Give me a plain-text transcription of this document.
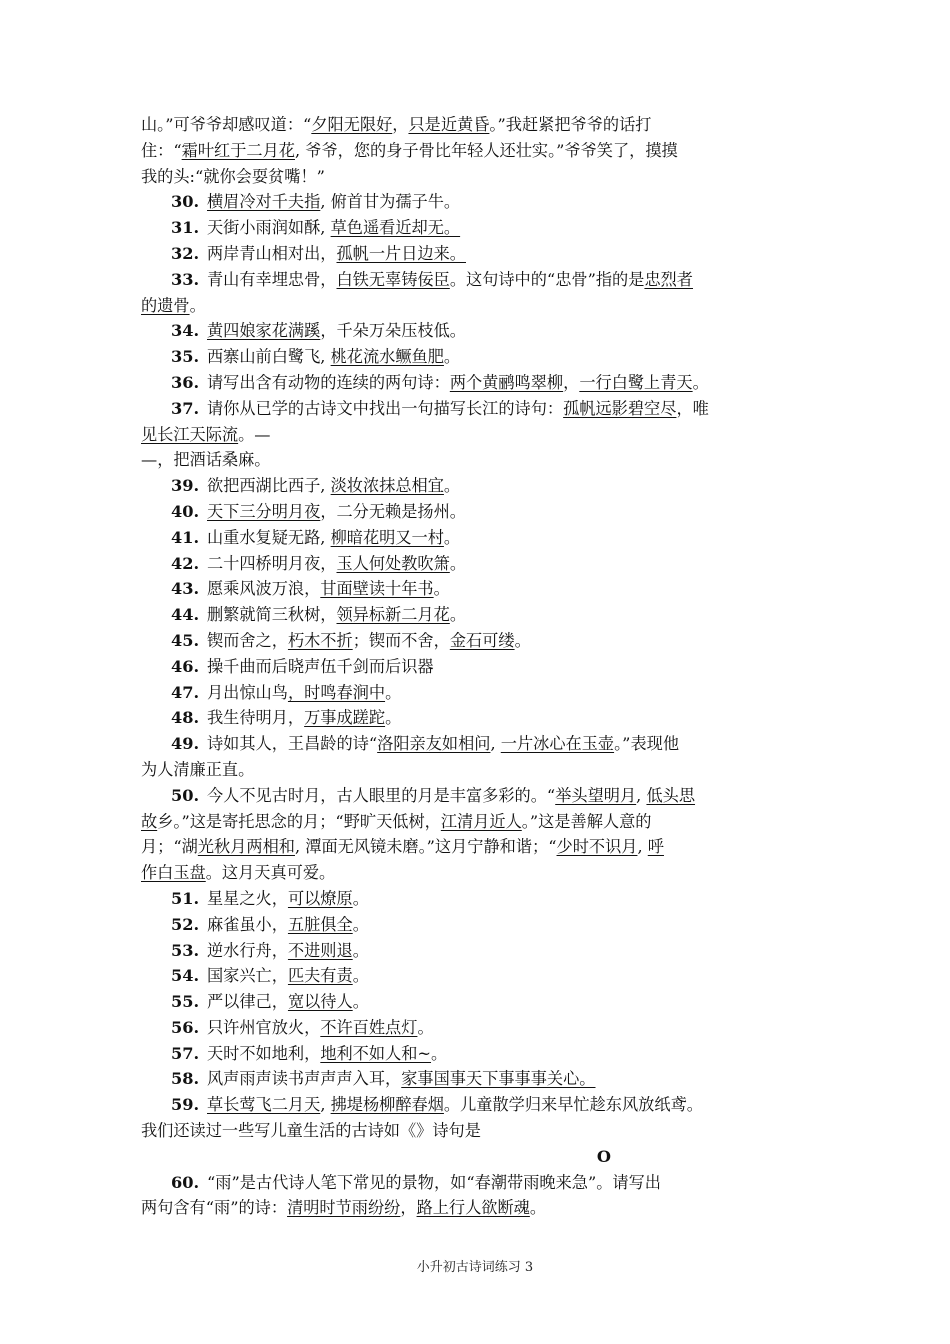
山。”可爷爷却感叹道：“夕阳无限好，只是近黄昏。”我赶紧把爷爷的话打
住：“霜叶红于二月花, 爷爷，您的身子骨比年轻人还壮实。”爷爷笑了，摸摸
我的头:“就你会耍贫嘴！”
30. 横眉冷对千夫指, 俯首甘为孺子牛。
31. 天街小雨润如酥, 草色遥看近却无。
32. 两岸青山相对出，孤帆一片日边来。
33. 青山有幸埋忠骨，白铁无辜铸佞臣。这句诗中的“忠骨”指的是忠烈者
的遗骨。
34. 黄四娘家花满蹊，千朵万朵压枝低。
35. 西寨山前白鹭飞, 桃花流水鳜鱼肥。
36. 请写出含有动物的连续的两句诗：两个黄鹂鸣翠柳，一行白鹭上青天。
37. 请你从已学的古诗文中找出一句描写长江的诗句：孤帆远影碧空尽，唯
见长江天际流。—
—，把酒话桑麻。
39. 欲把西湖比西子, 淡妆浓抹总相宜。
40. 天下三分明月夜，二分无赖是扬州。
41. 山重水复疑无路, 柳暗花明又一村。
42. 二十四桥明月夜，玉人何处教吹箫。
43. 愿乘风波万浪，甘面壁读十年书。
44. 删繁就简三秋树，领异标新二月花。
45. 锲而舍之，朽木不折；锲而不舍，金石可缕。
46. 操千曲而后晓声伍千剑而后识器
47. 月出惊山鸟，时鸣春涧中。
48. 我生待明月，万事成蹉跎。
49. 诗如其人，王昌龄的诗“洛阳亲友如相问, 一片冰心在玉壶。”表现他
为人清廉正直。
50. 今人不见古时月，古人眼里的月是丰富多彩的。“举头望明月, 低头思
故乡。”这是寄托思念的月；“野旷天低树，江清月近人。”这是善解人意的
月；“湖光秋月两相和, 潭面无风镜未磨。”这月宁静和谐；“少时不识月, 呼
作白玉盘。这月天真可爱。
51. 星星之火，可以燎原。
52. 麻雀虽小，五脏俱全。
53. 逆水行舟，不进则退。
54. 国家兴亡，匹夫有责。
55. 严以律己，宽以待人。
56. 只许州官放火，不许百姓点灯。
57. 天时不如地利，地利不如人和~。
58. 风声雨声读书声声声入耳，家事国事天下事事事关心。
59. 草长莺飞二月天, 拂堤杨柳醉春烟。儿童散学归来早忙趁东风放纸鸢。
我们还读过一些写儿童生活的古诗如《》诗句是
O
60. “雨”是古代诗人笔下常见的景物，如“春潮带雨晚来急”。请写出
两句含有“雨”的诗：清明时节雨纷纷，路上行人欲断魂。
小升初古诗词练习 3
